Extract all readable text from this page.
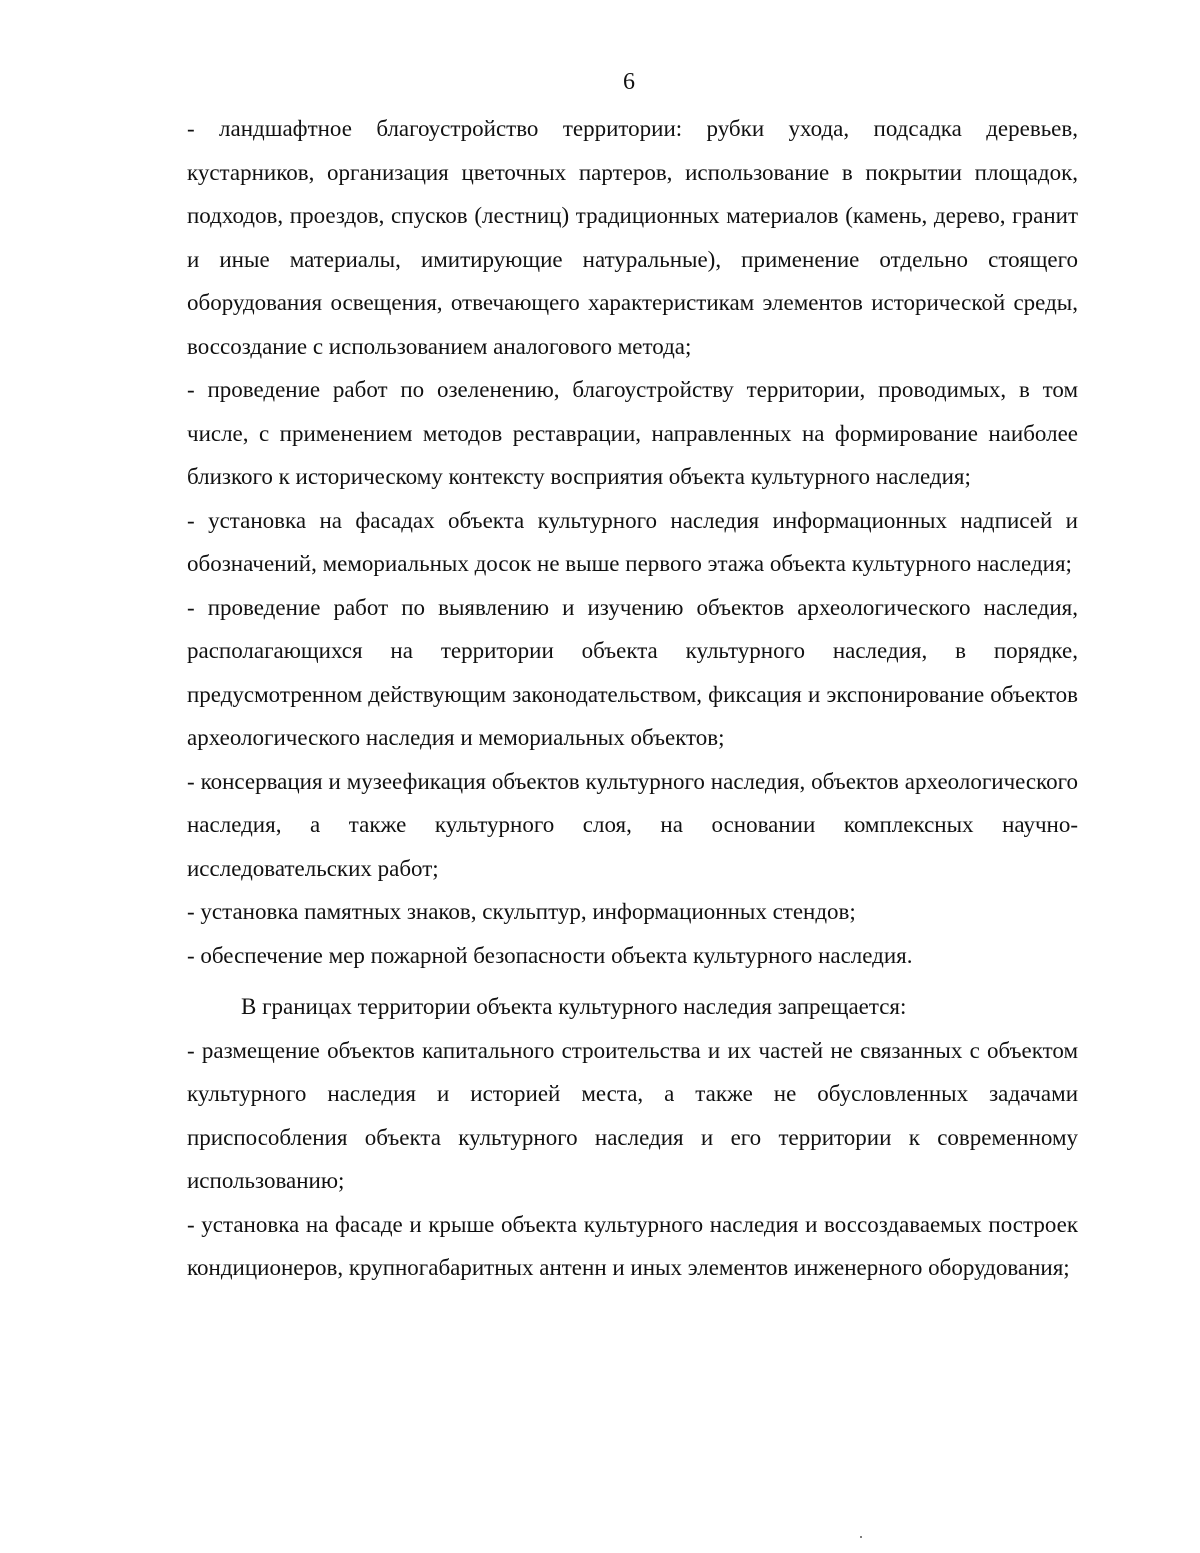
6

- ландшафтное благоустройство территории: рубки ухода, подсадка деревьев, кустарников, организация цветочных партеров, использование в покрытии площадок, подходов, проездов, спусков (лестниц) традиционных материалов (камень, дерево, гранит и иные материалы, имитирующие натуральные), применение отдельно стоящего оборудования освещения, отвечающего характеристикам элементов исторической среды, воссоздание с использованием аналогового метода;

- проведение работ по озеленению, благоустройству территории, проводимых, в том числе, с применением методов реставрации, направленных на формирование наиболее близкого к историческому контексту восприятия объекта культурного наследия;

- установка на фасадах объекта культурного наследия информационных надписей и обозначений, мемориальных досок не выше первого этажа объекта культурного наследия;

- проведение работ по выявлению и изучению объектов археологического наследия, располагающихся на территории объекта культурного наследия, в порядке, предусмотренном действующим законодательством, фиксация и экспонирование объектов археологического наследия и мемориальных объектов;

- консервация и музеефикация объектов культурного наследия, объектов археологического наследия, а также культурного слоя, на основании комплексных научно-исследовательских работ;

- установка памятных знаков, скульптур, информационных стендов;

- обеспечение мер пожарной безопасности объекта культурного наследия.

В границах территории объекта культурного наследия запрещается:

- размещение объектов капитального строительства и их частей не связанных с объектом культурного наследия и историей места, а также не обусловленных задачами приспособления объекта культурного наследия и его территории к современному использованию;

- установка на фасаде и крыше объекта культурного наследия и воссоздаваемых построек кондиционеров, крупногабаритных антенн и иных элементов инженерного оборудования;
